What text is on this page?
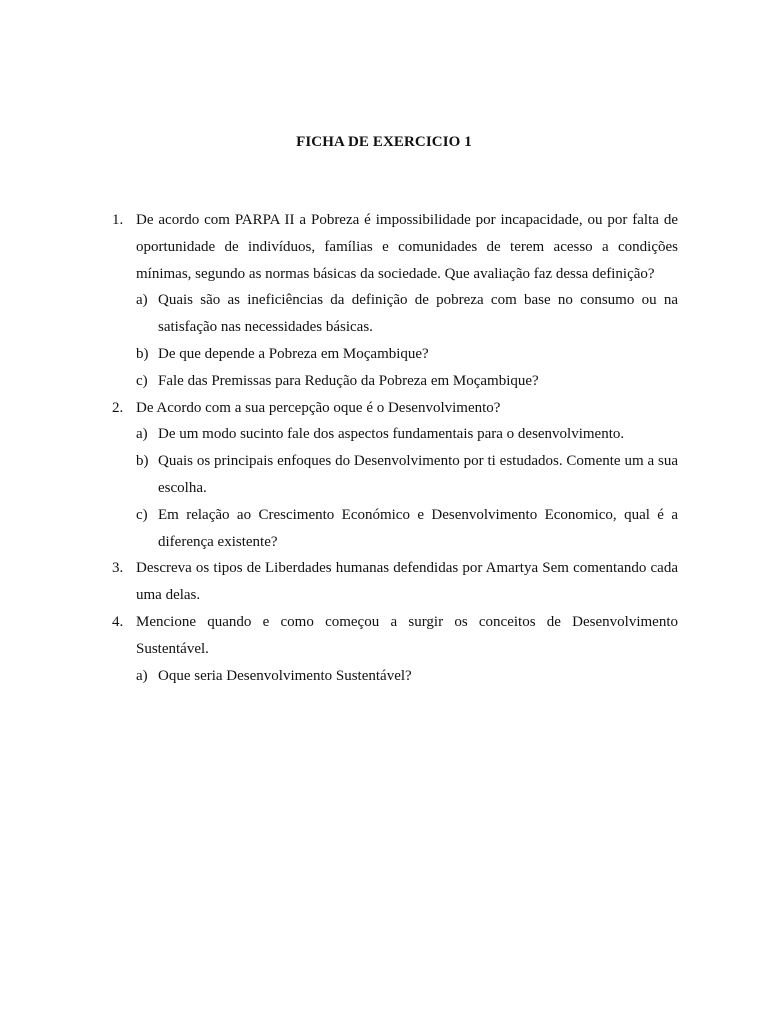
FICHA DE EXERCICIO 1
1. De acordo com PARPA II a Pobreza é impossibilidade por incapacidade, ou por falta de oportunidade de indivíduos, famílias e comunidades de terem acesso a condições mínimas, segundo as normas básicas da sociedade. Que avaliação faz dessa definição?
a) Quais são as ineficiências da definição de pobreza com base no consumo ou na satisfação nas necessidades básicas.
b) De que depende a Pobreza em Moçambique?
c) Fale das Premissas para Redução da Pobreza em Moçambique?
2. De Acordo com a sua percepção oque é o Desenvolvimento?
a) De um modo sucinto fale dos aspectos fundamentais para o desenvolvimento.
b) Quais os principais enfoques do Desenvolvimento por ti estudados. Comente um a sua escolha.
c) Em relação ao Crescimento Económico e Desenvolvimento Economico, qual é a diferença existente?
3. Descreva os tipos de Liberdades humanas defendidas por Amartya Sem comentando cada uma delas.
4. Mencione quando e como começou a surgir os conceitos de Desenvolvimento Sustentável.
a) Oque seria Desenvolvimento Sustentável?
